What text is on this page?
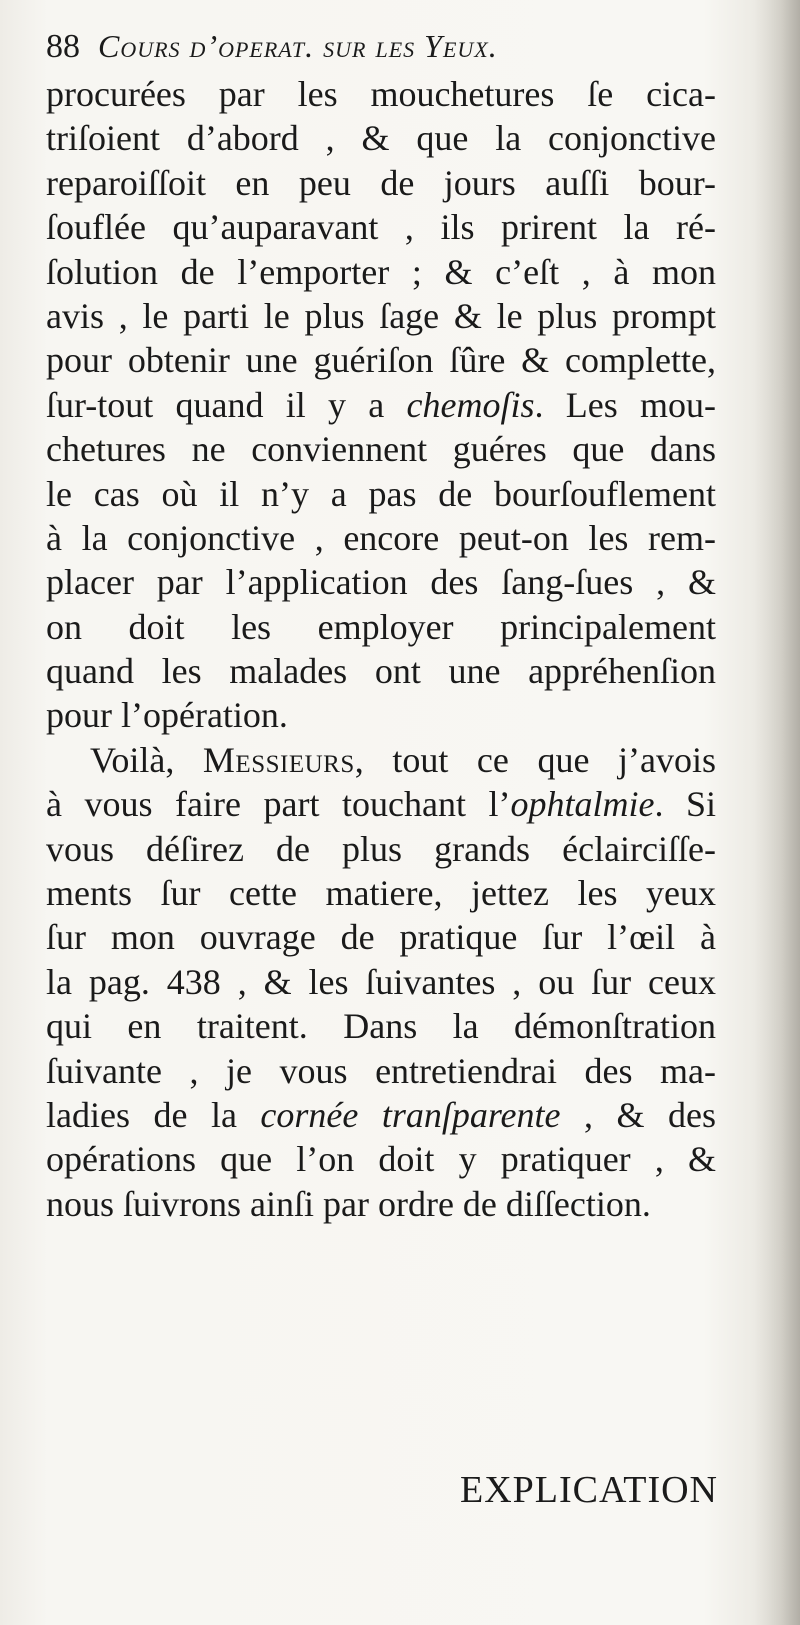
88 Cours d’operat. sur les Yeux.
procurées par les mouchetures ſe cica-
triſoient d’abord , & que la conjonctive
reparoiſſoit en peu de jours auſſi bour-
ſouflée qu’auparavant , ils prirent la ré-
ſolution de l’emporter ; & c’eſt , à mon
avis , le parti le plus ſage & le plus prompt
pour obtenir une guériſon ſûre & complette,
ſur-tout quand il y a chemoſis. Les mou-
chetures ne conviennent guéres que dans
le cas où il n’y a pas de bourſouflement
à la conjonctive , encore peut-on les rem-
placer par l’application des ſang-ſues , &
on doit les employer principalement
quand les malades ont une appréhenſion
pour l’opération.
Voilà, Messieurs, tout ce que j’avois
à vous faire part touchant l’ophtalmie. Si
vous déſirez de plus grands éclairciſſe-
ments ſur cette matiere, jettez les yeux
ſur mon ouvrage de pratique ſur l’œil à
la pag. 438 , & les ſuivantes , ou ſur ceux
qui en traitent. Dans la démonſtration
ſuivante , je vous entretiendrai des ma-
ladies de la cornée tranſparente , & des
opérations que l’on doit y pratiquer , &
nous ſuivrons ainſi par ordre de diſſection.
EXPLICATION
